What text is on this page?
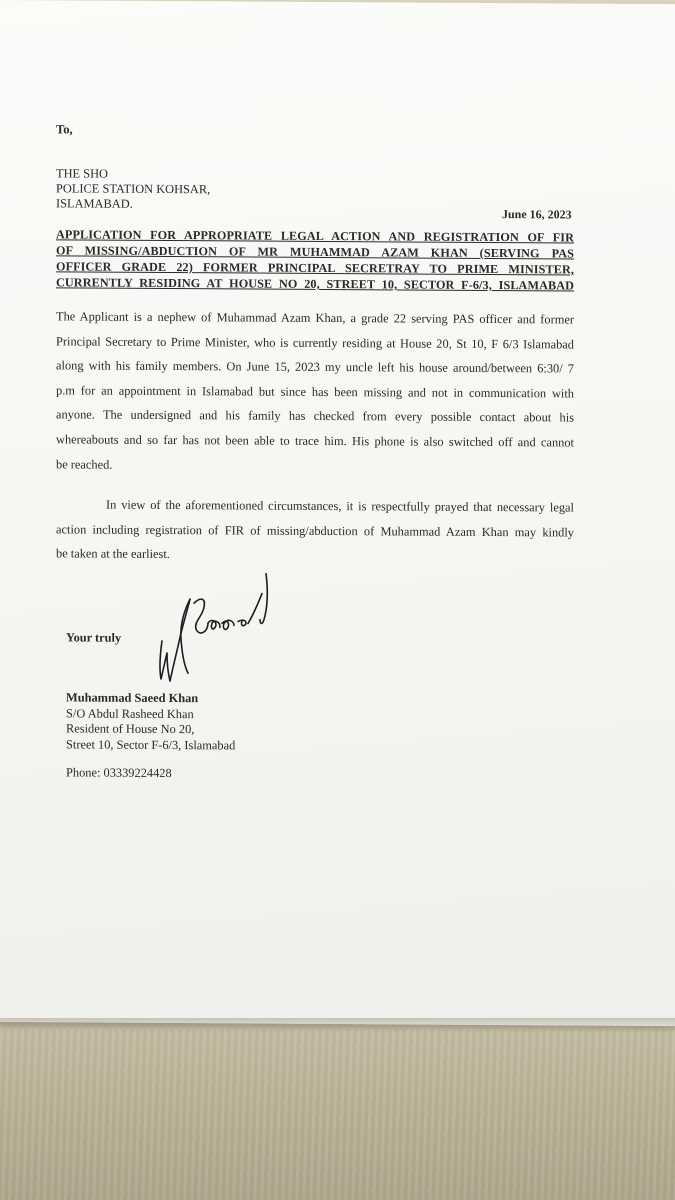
To,
THE SHO
POLICE STATION KOHSAR,
ISLAMABAD.
June 16, 2023
APPLICATION FOR APPROPRIATE LEGAL ACTION AND REGISTRATION OF FIR
OF MISSING/ABDUCTION OF MR MUHAMMAD AZAM KHAN (SERVING PAS
OFFICER GRADE 22) FORMER PRINCIPAL SECRETRAY TO PRIME MINISTER,
CURRENTLY RESIDING AT HOUSE NO 20, STREET 10, SECTOR F-6/3, ISLAMABAD
The Applicant is a nephew of Muhammad Azam Khan, a grade 22 serving PAS officer and former
Principal Secretary to Prime Minister, who is currently residing at House 20, St 10, F 6/3 Islamabad
along with his family members. On June 15, 2023 my uncle left his house around/between 6:30/ 7
p.m for an appointment in Islamabad but since has been missing and not in communication with
anyone. The undersigned and his family has checked from every possible contact about his
whereabouts and so far has not been able to trace him. His phone is also switched off and cannot
be reached.
In view of the aforementioned circumstances, it is respectfully prayed that necessary legal
action including registration of FIR of missing/abduction of Muhammad Azam Khan may kindly
be taken at the earliest.
Your truly
Muhammad Saeed Khan
S/O Abdul Rasheed Khan
Resident of House No 20,
Street 10, Sector F-6/3, Islamabad
Phone: 03339224428
